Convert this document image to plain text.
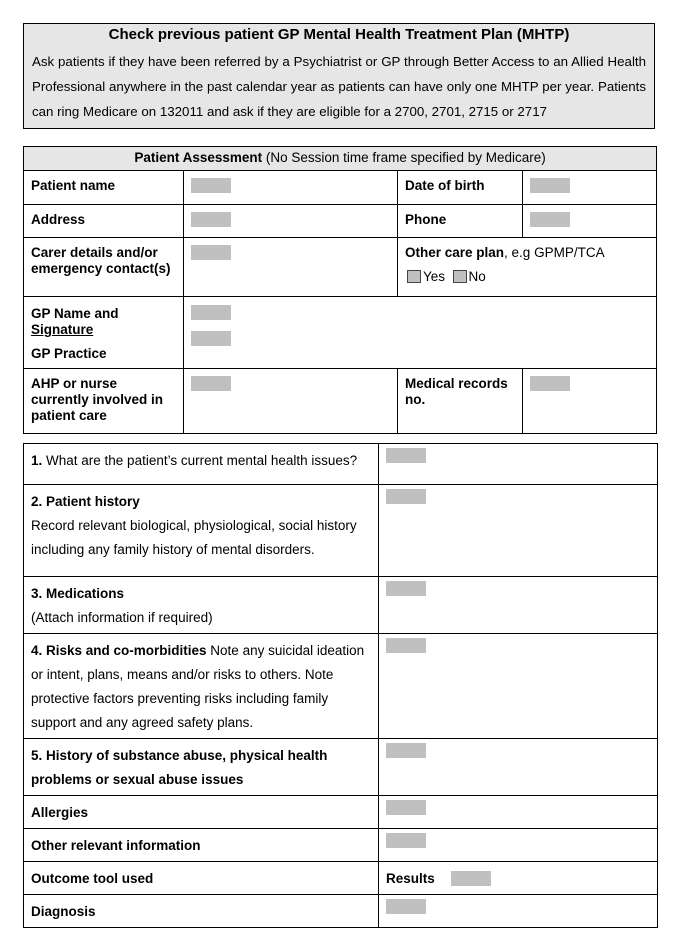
Check previous patient GP Mental Health Treatment Plan (MHTP)
Ask patients if they have been referred by a Psychiatrist or GP through Better Access to an Allied Health Professional anywhere in the past calendar year as patients can have only one MHTP per year. Patients can ring Medicare on 132011 and ask if they are eligible for a 2700, 2701, 2715 or 2717
Patient Assessment (No Session time frame specified by Medicare)			
Patient name		Date of birth	
Address		Phone	
Carer details and/or emergency contact(s)		Other care plan, e.g GPMP/TCA
Yes No	

GP Name and
Signature
GP Practice			

AHP or nurse currently involved in patient care		Medical records no.	
1. What are the patient’s current mental health issues?	

2. Patient history
Record relevant biological, physiological, social history including any family history of mental disorders.	

3. Medications
(Attach information if required)	

4. Risks and co-morbidities Note any suicidal ideation or intent, plans, means and/or risks to others. Note protective factors preventing risks including family support and any agreed safety plans.	
5. History of substance abuse, physical health problems or sexual abuse issues	
Allergies	
Other relevant information	
Outcome tool used	Results
Diagnosis	
